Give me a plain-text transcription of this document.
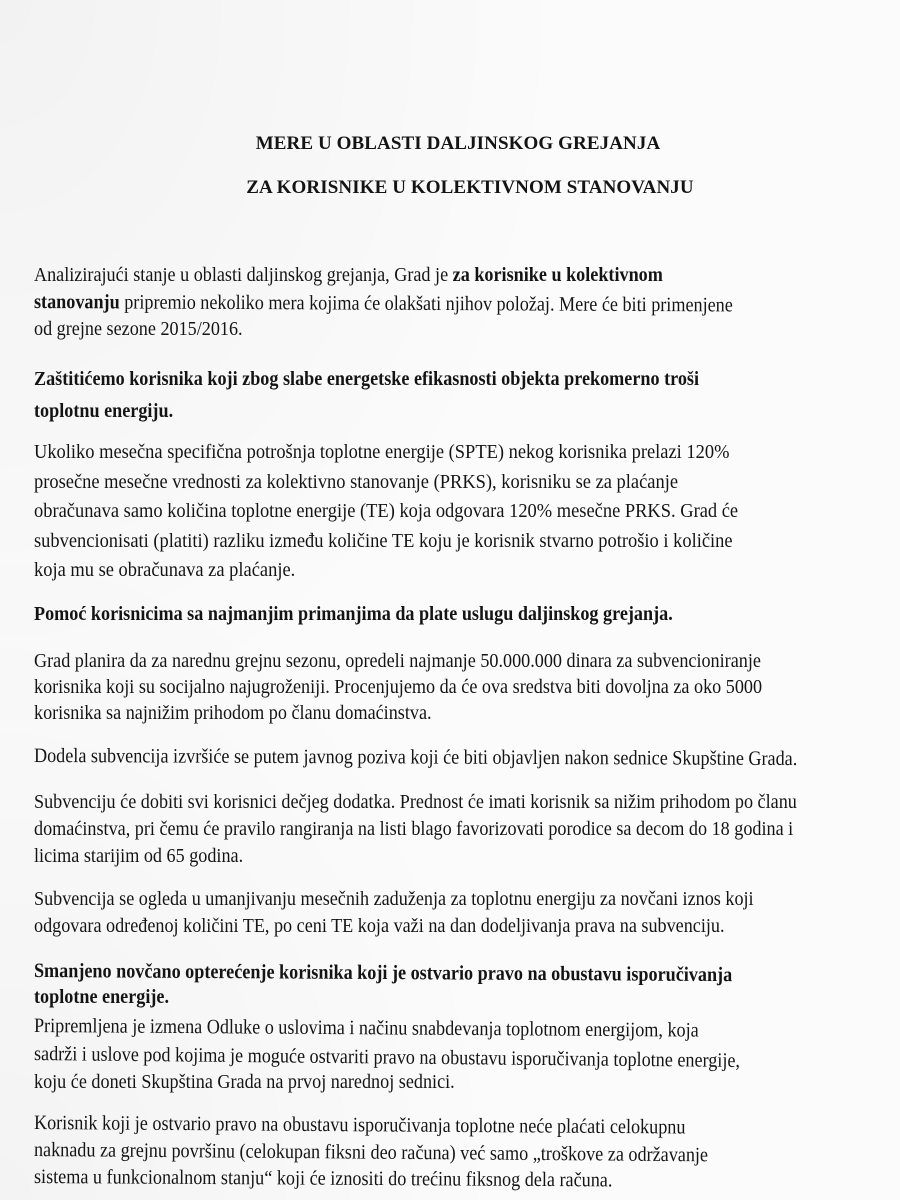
MERE U OBLASTI DALJINSKOG GREJANJA
ZA KORISNIKE U KOLEKTIVNOM STANOVANJU
Analizirajući stanje u oblasti daljinskog grejanja, Grad je za korisnike u kolektivnom
stanovanju pripremio nekoliko mera kojima će olakšati njihov položaj. Mere će biti primenjene
od grejne sezone 2015/2016.
Zaštitićemo korisnika koji zbog slabe energetske efikasnosti objekta prekomerno troši
toplotnu energiju.
Ukoliko mesečna specifična potrošnja toplotne energije (SPTE) nekog korisnika prelazi 120%
prosečne mesečne vrednosti za kolektivno stanovanje (PRKS), korisniku se za plaćanje
obračunava samo količina toplotne energije (TE) koja odgovara 120% mesečne PRKS. Grad će
subvencionisati (platiti) razliku između količine TE koju je korisnik stvarno potrošio i količine
koja mu se obračunava za plaćanje.
Pomoć korisnicima sa najmanjim primanjima da plate uslugu daljinskog grejanja.
Grad planira da za narednu grejnu sezonu, opredeli najmanje 50.000.000 dinara za subvencioniranje
korisnika koji su socijalno najugroženiji. Procenjujemo da će ova sredstva biti dovoljna za oko 5000
korisnika sa najnižim prihodom po članu domaćinstva.
Dodela subvencija izvršiće se putem javnog poziva koji će biti objavljen nakon sednice Skupštine Grada.
Subvenciju će dobiti svi korisnici dečjeg dodatka. Prednost će imati korisnik sa nižim prihodom po članu
domaćinstva, pri čemu će pravilo rangiranja na listi blago favorizovati porodice sa decom do 18 godina i
licima starijim od 65 godina.
Subvencija se ogleda u umanjivanju mesečnih zaduženja za toplotnu energiju za novčani iznos koji
odgovara određenoj količini TE, po ceni TE koja važi na dan dodeljivanja prava na subvenciju.
Smanjeno novčano opterećenje korisnika koji je ostvario pravo na obustavu isporučivanja
toplotne energije.
Pripremljena je izmena Odluke o uslovima i načinu snabdevanja toplotnom energijom, koja
sadrži i uslove pod kojima je moguće ostvariti pravo na obustavu isporučivanja toplotne energije,
koju će doneti Skupština Grada na prvoj narednoj sednici.
Korisnik koji je ostvario pravo na obustavu isporučivanja toplotne neće plaćati celokupnu
naknadu za grejnu površinu (celokupan fiksni deo računa) već samo „troškove za održavanje
sistema u funkcionalnom stanju“ koji će iznositi do trećinu fiksnog dela računa.
